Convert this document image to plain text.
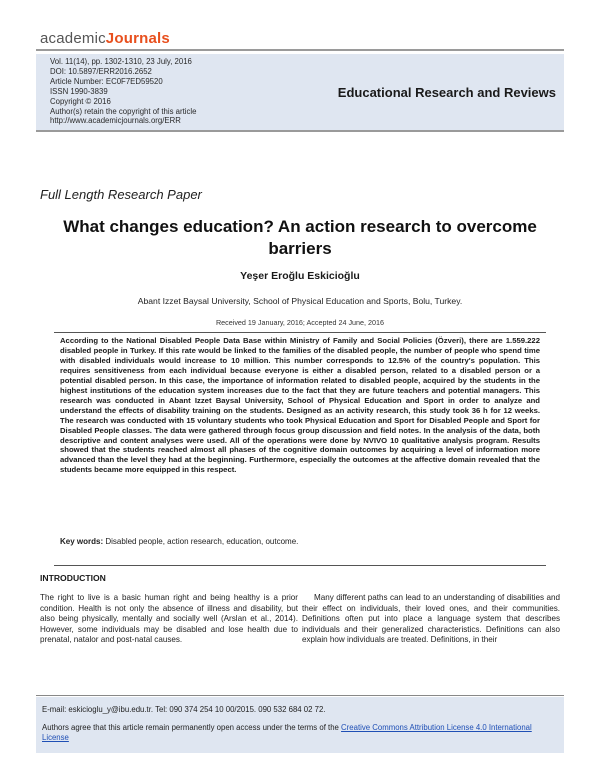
academicJournals
Vol. 11(14), pp. 1302-1310, 23 July, 2016
DOI: 10.5897/ERR2016.2652
Article Number: EC0F7ED59520
ISSN 1990-3839
Copyright © 2016
Author(s) retain the copyright of this article
http://www.academicjournals.org/ERR
Educational Research and Reviews
Full Length Research Paper
What changes education? An action research to overcome barriers
Yeşer Eroğlu Eskicioğlu
Abant Izzet Baysal University, School of Physical Education and Sports, Bolu, Turkey.
Received 19 January, 2016; Accepted 24 June, 2016
According to the National Disabled People Data Base within Ministry of Family and Social Policies (Özveri), there are 1.559.222 disabled people in Turkey. If this rate would be linked to the families of the disabled people, the number of people who spend time with disabled individuals would increase to 10 million. This number corresponds to 12.5% of the country's population. This requires sensitiveness from each individual because everyone is either a disabled person, related to a disabled person or a potential disabled person. In this case, the importance of information related to disabled people, acquired by the students in the highest institutions of the education system increases due to the fact that they are future teachers and potential managers. This research was conducted in Abant Izzet Baysal University, School of Physical Education and Sport in order to analyze and understand the effects of disability training on the students. Designed as an activity research, this study took 36 h for 12 weeks. The research was conducted with 15 voluntary students who took Physical Education and Sport for Disabled People and Sport for Disabled People classes. The data were gathered through focus group discussion and field notes. In the analysis of the data, both descriptive and content analyses were used. All of the operations were done by NVIVO 10 qualitative analysis program. Results showed that the students reached almost all phases of the cognitive domain outcomes by acquiring a level of information more advanced than the level they had at the beginning. Furthermore, especially the outcomes at the affective domain revealed that the students became more equipped in this respect.
Key words: Disabled people, action research, education, outcome.
INTRODUCTION

The right to live is a basic human right and being healthy is a prior condition. Health is not only the absence of illness and disability, but also being physically, mentally and socially well (Arslan et al., 2014). However, some individuals may be disabled and lose health due to prenatal, natalor and post-natal causes.

Many different paths can lead to an understanding of disabilities and their effect on individuals, their loved ones, and their communities. Definitions often put into place a language system that describes individuals and their generalized characteristics. Definitions can also explain how individuals are treated. Definitions, in their

E-mail: eskicioglu_y@ibu.edu.tr. Tel: 090 374 254 10 00/2015. 090 532 684 02 72.
Authors agree that this article remain permanently open access under the terms of the Creative Commons Attribution License 4.0 International License
